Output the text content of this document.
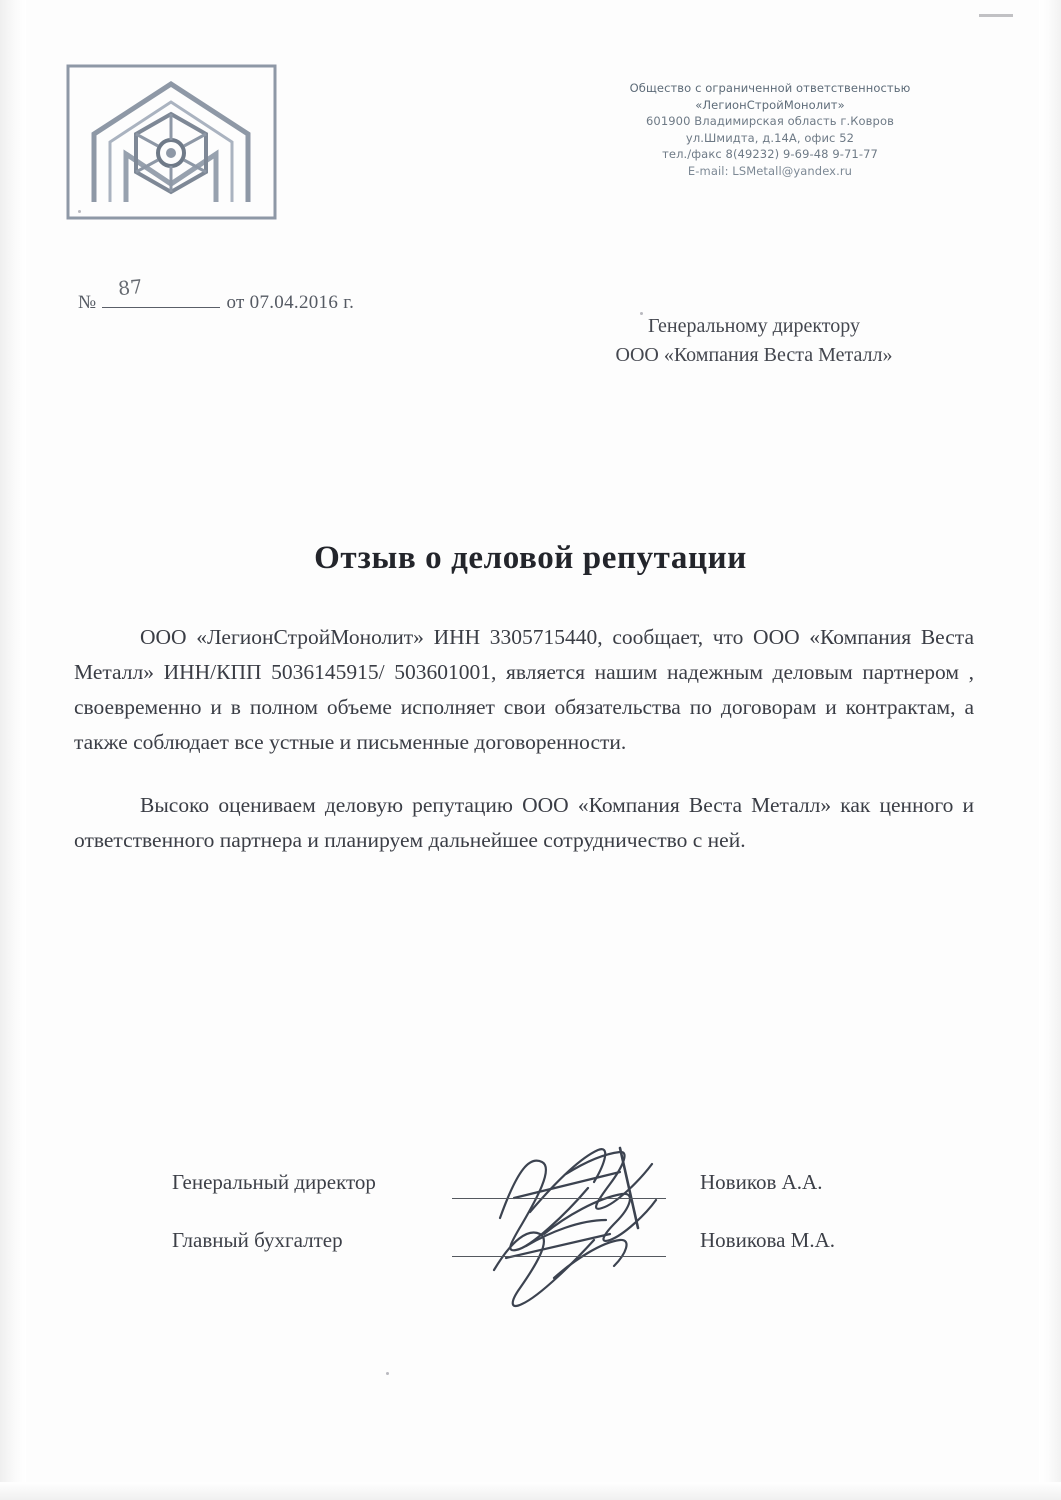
Общество с ограниченной ответственностью
«ЛегионСтройМонолит»
601900 Владимирская область г.Ковров
ул.Шмидта, д.14А, офис 52
тел./факс 8(49232) 9-69-48 9-71-77
E-mail: LSMetall@yandex.ru
№
87
от 07.04.2016 г.
Генеральному директору
ООО «Компания Веста Металл»
Отзыв о деловой репутации

ООО «ЛегионСтройМонолит» ИНН 3305715440, сообщает, что ООО «Компания Веста Металл» ИНН/КПП 5036145915/ 503601001, является нашим надежным деловым партнером , своевременно и в полном объеме исполняет свои обязательства по договорам и контрактам, а также соблюдает все устные и письменные договоренности.

Высоко оцениваем деловую репутацию ООО «Компания Веста Металл» как ценного и ответственного партнера и планируем дальнейшее сотрудничество с ней.

Генеральный директор	Новиков А.А.
Главный бухгалтер	Новикова М.А.
